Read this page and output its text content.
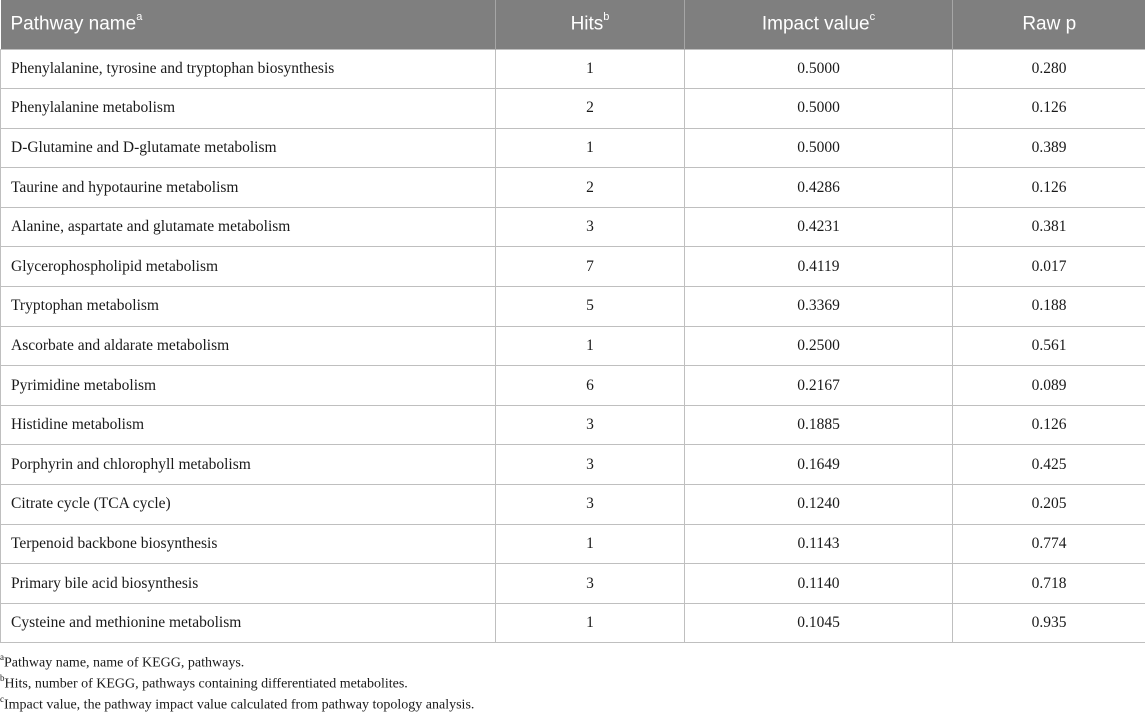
Pathway name$^a$	Hits$^b$	Impact value$^c$	Raw p
Phenylalanine, tyrosine and tryptophan biosynthesis	1	0.5000	0.280
Phenylalanine metabolism	2	0.5000	0.126
D-Glutamine and D-glutamate metabolism	1	0.5000	0.389
Taurine and hypotaurine metabolism	2	0.4286	0.126
Alanine, aspartate and glutamate metabolism	3	0.4231	0.381
Glycerophospholipid metabolism	7	0.4119	0.017
Tryptophan metabolism	5	0.3369	0.188
Ascorbate and aldarate metabolism	1	0.2500	0.561
Pyrimidine metabolism	6	0.2167	0.089
Histidine metabolism	3	0.1885	0.126
Porphyrin and chlorophyll metabolism	3	0.1649	0.425
Citrate cycle (TCA cycle)	3	0.1240	0.205
Terpenoid backbone biosynthesis	1	0.1143	0.774
Primary bile acid biosynthesis	3	0.1140	0.718
Cysteine and methionine metabolism	1	0.1045	0.935
$^a$Pathway name, name of KEGG, pathways.
$^b$Hits, number of KEGG, pathways containing differentiated metabolites.
$^c$Impact value, the pathway impact value calculated from pathway topology analysis.
